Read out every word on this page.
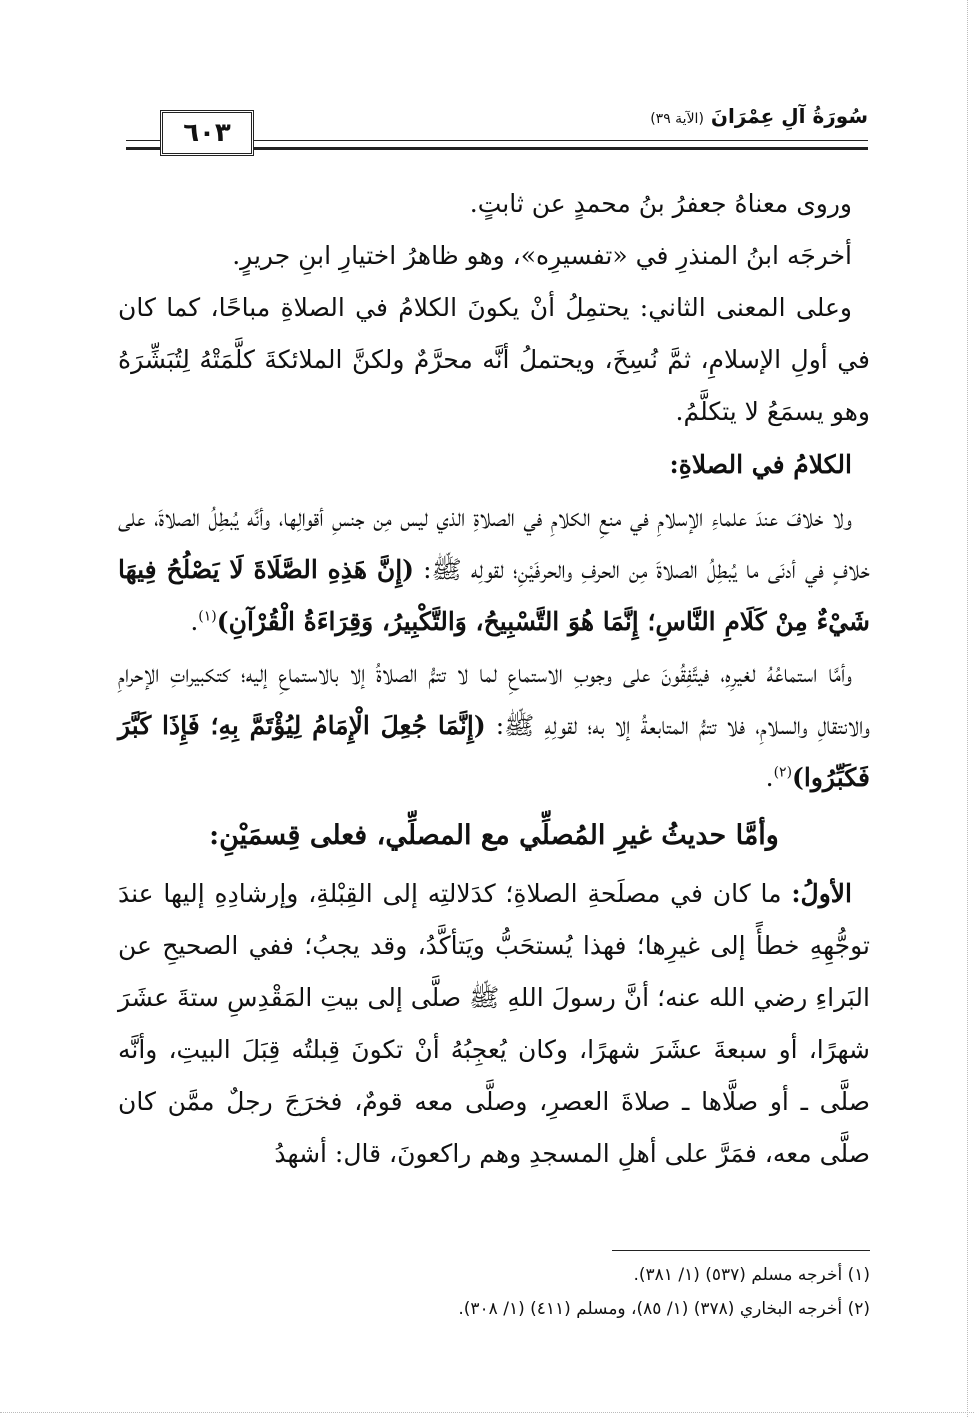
٦٠٣
سُورَةُ آلِ عِمْرَانَ (الآية ٣٩)

وروى معناهُ جعفرُ بنُ محمدٍ عن ثابتٍ.

أخرجَه ابنُ المنذرِ في «تفسيرِه»، وهو ظاهرُ اختيارِ ابنِ جريرٍ.

وعلى المعنى الثاني: يحتمِلُ أنْ يكونَ الكلامُ في الصلاةِ مباحًا، كما كان في أولِ الإسلامِ، ثمَّ نُسِخَ، ويحتملُ أنَّه محرَّمٌ ولكنَّ الملائكةَ كلَّمَتْهُ لِتُبَشِّرَهُ وهو يسمَعُ لا يتكلَّمُ.

الكلامُ في الصلاةِ:

ولا خلافَ عندَ علماءِ الإسلامِ في منعِ الكلامِ في الصلاةِ الذي ليس مِن جنسِ أقوالِها، وأنَّه يُبطِلُ الصلاةَ، على خلافٍ في أدنَى ما يُبطِلُ الصلاةَ مِن الحرفِ والحرفَيْنِ؛ لقولِه ﷺ: (إِنَّ هَذِهِ الصَّلَاةَ لَا يَصْلُحُ فِيهَا شَيْءٌ مِنْ كَلَامِ النَّاسِ؛ إِنَّمَا هُوَ التَّسْبِيحُ، وَالتَّكْبِيرُ، وَقِرَاءَةُ الْقُرْآنِ)$^{(١)}$.

وأمَّا استماعُهُ لغيرِهِ، فيتَّفِقُونَ على وجوبِ الاستماعِ لما لا تتمُّ الصلاةُ إلا بالاستماعِ إليه؛ كتكبيراتِ الإحرامِ والانتقالِ والسلامِ، فلا تتمُّ المتابعةُ إلا به؛ لقولِهِ ﷺ: (إِنَّمَا جُعِلَ الْإِمَامُ لِيُؤْتَمَّ بِهِ؛ فَإِذَا كَبَّرَ فَكَبِّرُوا)$^{(٢)}$.

وأمَّا حديثُ غيرِ المُصلِّي مع المصلِّي، فعلى قِسمَيْنِ:

الأولُ: ما كان في مصلَحةِ الصلاةِ؛ كدَلالتِه إلى القِبْلةِ، وإرشادِهِ إليها عندَ توجُّهِهِ خطأً إلى غيرِها؛ فهذا يُستحَبُّ ويَتأكَّدُ، وقد يجبُ؛ ففي الصحيحِ عن البَراءِ رضي الله عنه؛ أنَّ رسولَ اللهِ ﷺ صلَّى إلى بيتِ المَقْدِسِ ستةَ عشَرَ شهرًا، أو سبعةَ عشَرَ شهرًا، وكان يُعجِبُهُ أنْ تكونَ قِبلتُه قِبَلَ البيتِ، وأنَّه صلَّى ـ أو صلَّاها ـ صلاةَ العصرِ، وصلَّى معه قومٌ، فخرَجَ رجلٌ ممَّن كان صلَّى معه، فمَرَّ على أهلِ المسجدِ وهم راكعونَ، قال: أشهدُ

(١) أخرجه مسلم (٥٣٧) (١/ ٣٨١).
(٢) أخرجه البخاري (٣٧٨) (١/ ٨٥)، ومسلم (٤١١) (١/ ٣٠٨).
